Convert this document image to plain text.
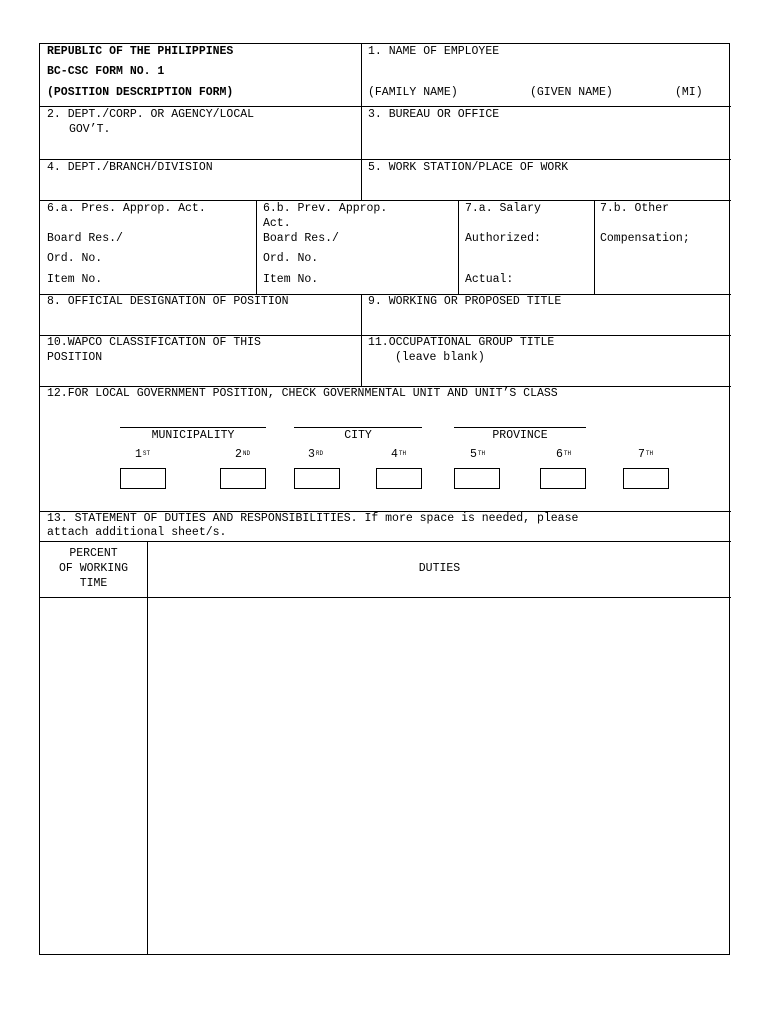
REPUBLIC OF THE PHILIPPINES
BC-CSC FORM NO. 1
(POSITION DESCRIPTION FORM)
1. NAME OF EMPLOYEE
(FAMILY NAME)	(GIVEN NAME)	(MI)
2. DEPT./CORP. OR AGENCY/LOCAL
GOV’T.
3. BUREAU OR OFFICE
4. DEPT./BRANCH/DIVISION	5. WORK STATION/PLACE OF WORK
6.a. Pres. Approp. Act.
Board Res./
Ord. No.
Item No.
6.b. Prev. Approp.
Act.
Board Res./
Ord. No.
Item No.
7.a. Salary
Authorized:
Actual:
7.b. Other
Compensation;
8. OFFICIAL DESIGNATION OF POSITION	9. WORKING OR PROPOSED TITLE
10.WAPCO CLASSIFICATION OF THIS
POSITION
11.OCCUPATIONAL GROUP TITLE
(leave blank)
12.FOR LOCAL GOVERNMENT POSITION, CHECK GOVERNMENTAL UNIT AND UNIT’S CLASS
MUNICIPALITY	CITY	PROVINCE
1ST	2ND	3RD	4TH	5TH	6TH	7TH
13. STATEMENT OF DUTIES AND RESPONSIBILITIES. If more space is needed, please
attach additional sheet/s.
PERCENT
OF WORKING
TIME
DUTIES
